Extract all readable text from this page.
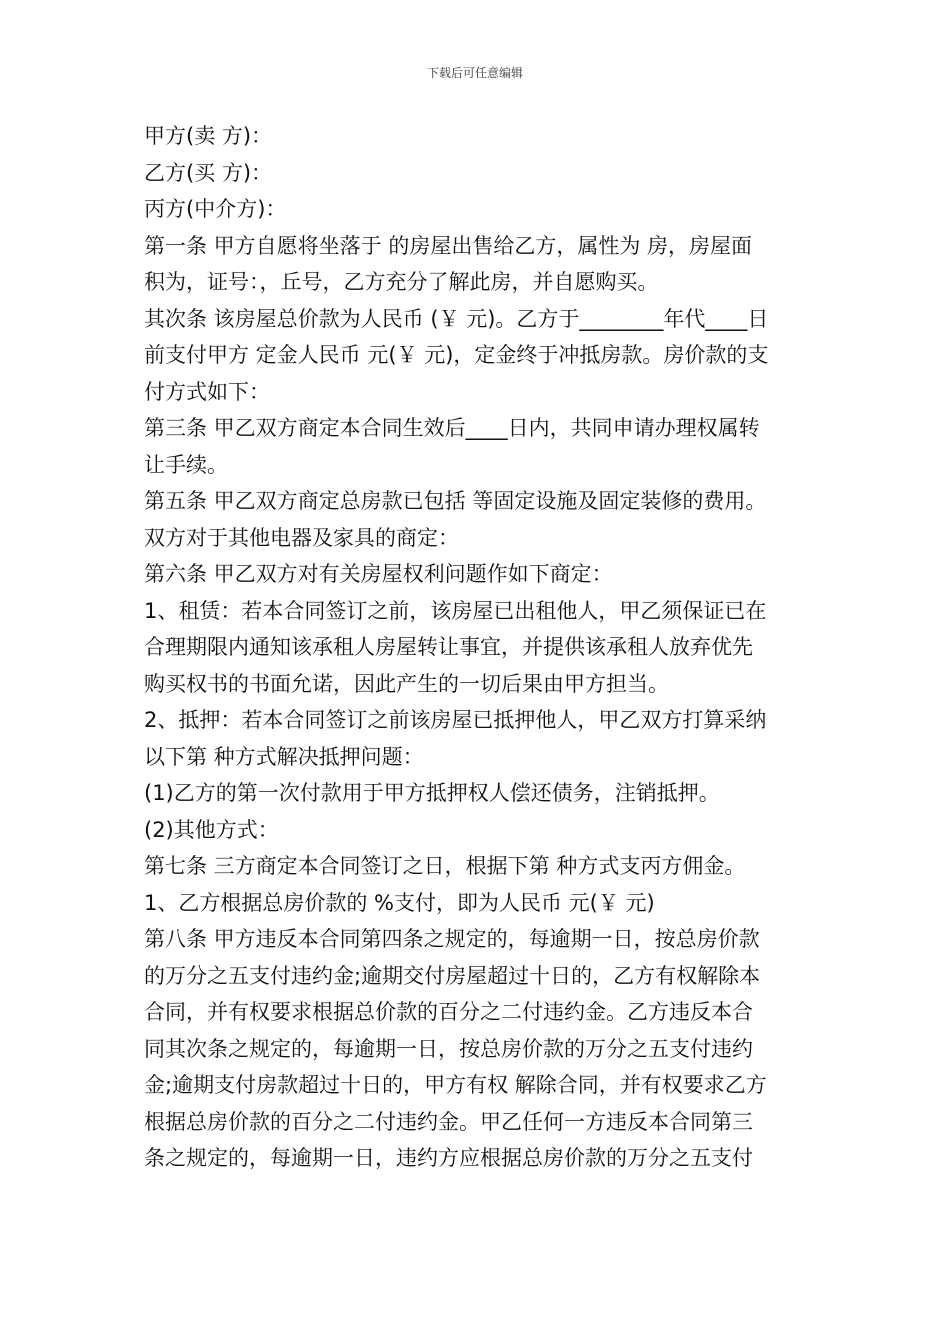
下载后可任意编辑
甲方(卖 方)：
乙方(买 方)：
丙方(中介方)：
第一条 甲方自愿将坐落于 的房屋出售给乙方，属性为 房，房屋面
积为，证号：，丘号，乙方充分了解此房，并自愿购买。
其次条 该房屋总价款为人民币 (￥ 元)。乙方于________年代____日
前支付甲方 定金人民币 元(￥ 元)，定金终于冲抵房款。房价款的支
付方式如下：
第三条 甲乙双方商定本合同生效后____日内，共同申请办理权属转
让手续。
第五条 甲乙双方商定总房款已包括 等固定设施及固定装修的费用。
双方对于其他电器及家具的商定：
第六条 甲乙双方对有关房屋权利问题作如下商定：
1、租赁：若本合同签订之前，该房屋已出租他人，甲乙须保证已在
合理期限内通知该承租人房屋转让事宜，并提供该承租人放弃优先
购买权书的书面允诺，因此产生的一切后果由甲方担当。
2、抵押：若本合同签订之前该房屋已抵押他人，甲乙双方打算采纳
以下第 种方式解决抵押问题：
(1)乙方的第一次付款用于甲方抵押权人偿还债务，注销抵押。
(2)其他方式：
第七条 三方商定本合同签订之日，根据下第 种方式支丙方佣金。
1、乙方根据总房价款的 %支付，即为人民币 元(￥ 元)
第八条 甲方违反本合同第四条之规定的，每逾期一日，按总房价款
的万分之五支付违约金;逾期交付房屋超过十日的，乙方有权解除本
合同，并有权要求根据总价款的百分之二付违约金。乙方违反本合
同其次条之规定的，每逾期一日，按总房价款的万分之五支付违约
金;逾期支付房款超过十日的，甲方有权 解除合同，并有权要求乙方
根据总房价款的百分之二付违约金。甲乙任何一方违反本合同第三
条之规定的，每逾期一日，违约方应根据总房价款的万分之五支付
